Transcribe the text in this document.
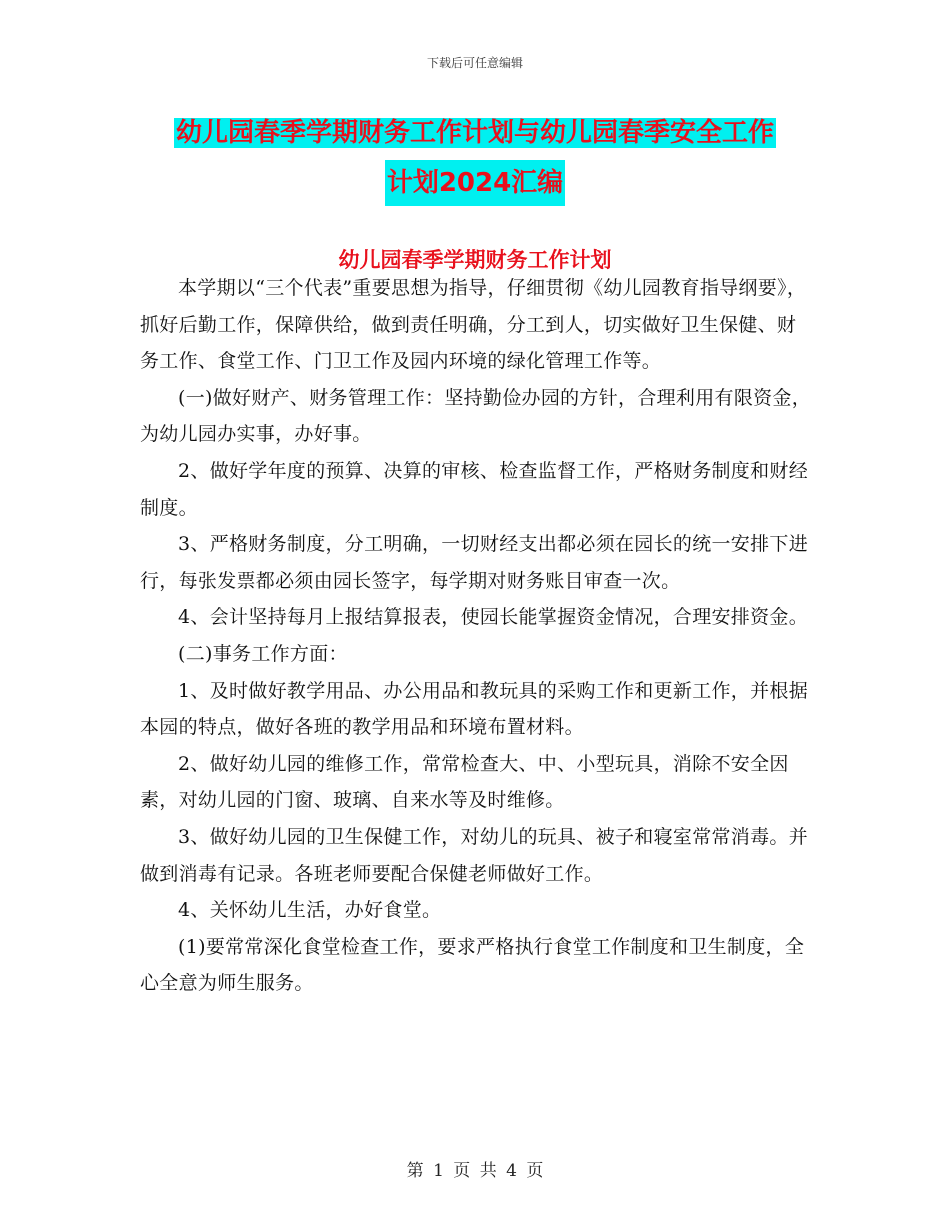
下载后可任意编辑
幼儿园春季学期财务工作计划与幼儿园春季安全工作
计划2024汇编
幼儿园春季学期财务工作计划

本学期以“三个代表”重要思想为指导，仔细贯彻《幼儿园教育指导纲要》，抓好后勤工作，保障供给，做到责任明确，分工到人，切实做好卫生保健、财务工作、食堂工作、门卫工作及园内环境的绿化管理工作等。

(一)做好财产、财务管理工作：坚持勤俭办园的方针，合理利用有限资金，为幼儿园办实事，办好事。

2、做好学年度的预算、决算的审核、检查监督工作，严格财务制度和财经制度。

3、严格财务制度，分工明确，一切财经支出都必须在园长的统一安排下进行，每张发票都必须由园长签字，每学期对财务账目审查一次。

4、会计坚持每月上报结算报表，使园长能掌握资金情况，合理安排资金。

(二)事务工作方面：

1、及时做好教学用品、办公用品和教玩具的采购工作和更新工作，并根据本园的特点，做好各班的教学用品和环境布置材料。

2、做好幼儿园的维修工作，常常检查大、中、小型玩具，消除不安全因素，对幼儿园的门窗、玻璃、自来水等及时维修。

3、做好幼儿园的卫生保健工作，对幼儿的玩具、被子和寝室常常消毒。并做到消毒有记录。各班老师要配合保健老师做好工作。

4、关怀幼儿生活，办好食堂。

(1)要常常深化食堂检查工作，要求严格执行食堂工作制度和卫生制度，全心全意为师生服务。

第 1 页 共 4 页
